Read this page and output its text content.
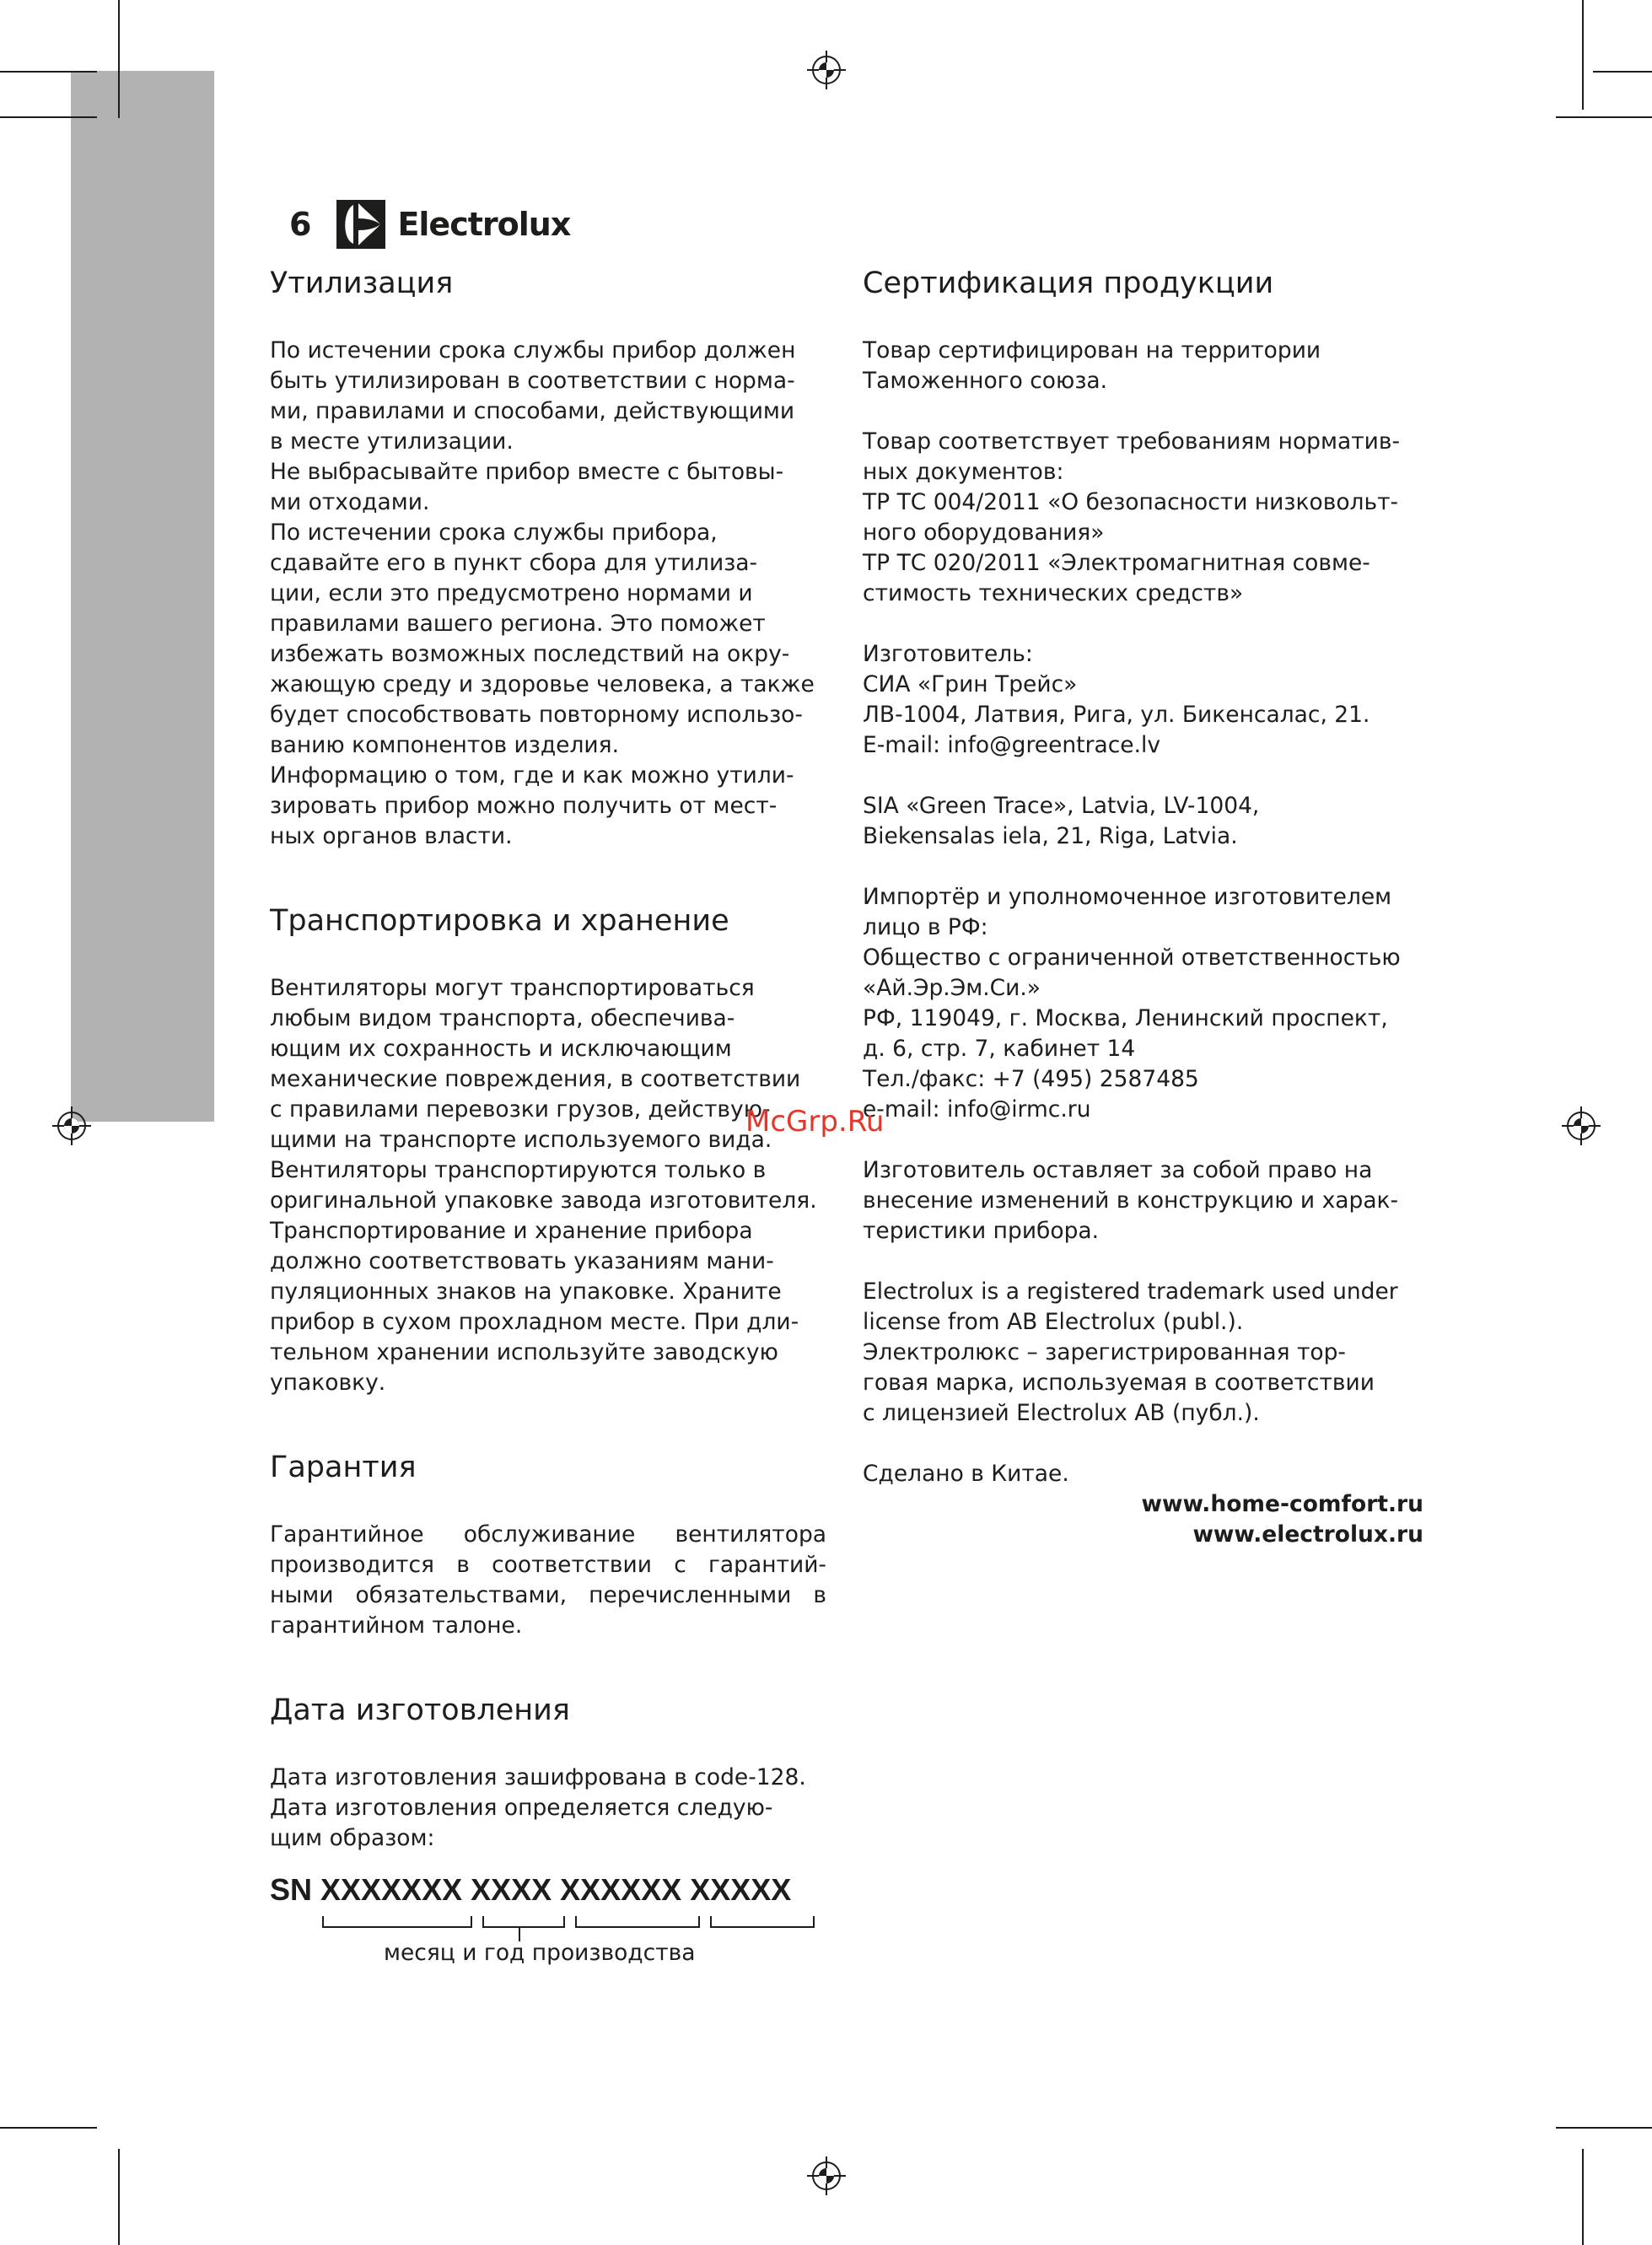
6	Electrolux
Утилизация

По истечении срока службы прибор должен
быть утилизирован в соответствии с норма-
ми, правилами и способами, действующими
в месте утилизации.
Не выбрасывайте прибор вместе с бытовы-
ми отходами.
По истечении срока службы прибора,
сдавайте его в пункт сбора для утилиза-
ции, если это предусмотрено нормами и
правилами вашего региона. Это поможет
избежать возможных последствий на окру-
жающую среду и здоровье человека, а также
будет способствовать повторному использо-
ванию компонентов изделия.
Информацию о том, где и как можно утили-
зировать прибор можно получить от мест-
ных органов власти.

Транспортировка и хранение

Вентиляторы могут транспортироваться
любым видом транспорта, обеспечива-
ющим их сохранность и исключающим
механические повреждения, в соответствии
с правилами перевозки грузов, действую-
щими на транспорте используемого вида.
Вентиляторы транспортируются только в
оригинальной упаковке завода изготовителя.
Транспортирование и хранение прибора
должно соответствовать указаниям мани-
пуляционных знаков на упаковке. Храните
прибор в сухом прохладном месте. При дли-
тельном хранении используйте заводскую
упаковку.

Гарантия

Гарантийное обслуживание вентилятора производится в соответствии с гарантий-ными обязательствами, перечисленными в гарантийном талоне.

Дата изготовления

Дата изготовления зашифрована в code-128.
Дата изготовления определяется следую-
щим образом:

SN XXXXXXX XXXX XXXXXX XXXXX
месяц и год производства
Сертификация продукции

Товар сертифицирован на территории
Таможенного союза.

Товар соответствует требованиям норматив-
ных документов:
ТР ТС 004/2011 «О безопасности низковольт-
ного оборудования»
ТР ТС 020/2011 «Электромагнитная совме-
стимость технических средств»

Изготовитель:
СИА «Грин Трейс»
ЛВ-1004, Латвия, Рига, ул. Бикенсалас, 21.
E-mail: info@greentrace.lv

SIA «Green Trace», Latvia, LV-1004,
Biekensalas iela, 21, Riga, Latvia.

Импортёр и уполномоченное изготовителем
лицо в РФ:
Общество с ограниченной ответственностью
«Ай.Эр.Эм.Си.»
РФ, 119049, г. Москва, Ленинский проспект,
д. 6, стр. 7, кабинет 14
Тел./факс: +7 (495) 2587485
e-mail: info@irmc.ru

Изготовитель оставляет за собой право на
внесение изменений в конструкцию и харак-
теристики прибора.

Electrolux is a registered trademark used under
license from AB Electrolux (publ.).
Электролюкс – зарегистрированная тор-
говая марка, используемая в соответствии
с лицензией Electrolux AB (публ.).

Сделано в Китае.

www.home-comfort.ru

www.electrolux.ru

McGrp.Ru
